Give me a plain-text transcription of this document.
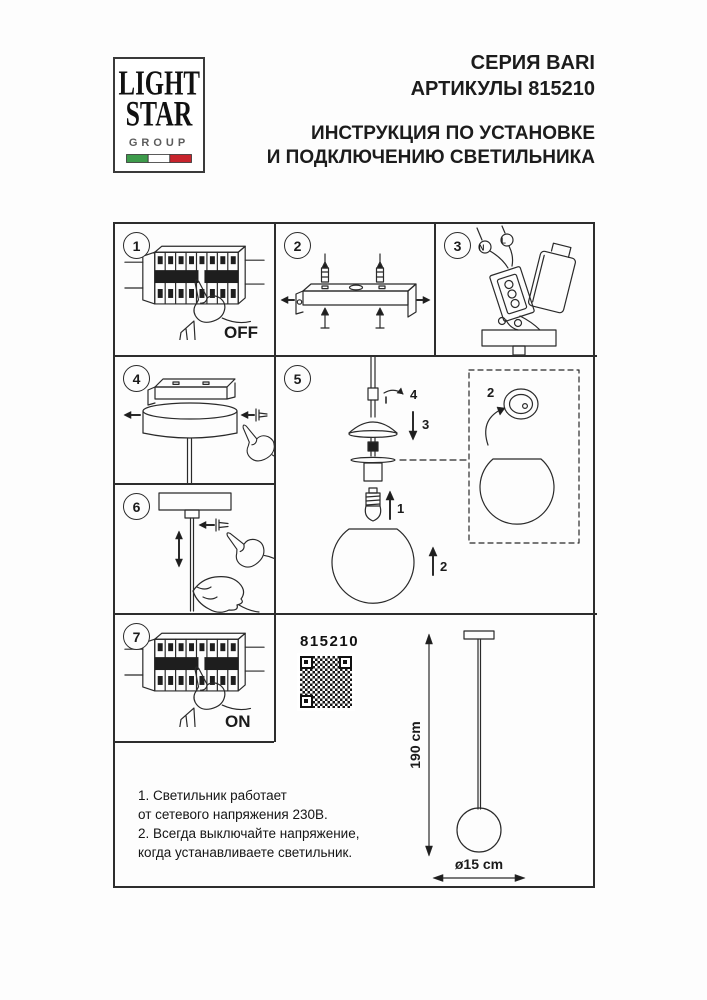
LIGHT
STAR
GROUP
СЕРИЯ BARI
АРТИКУЛЫ 815210
ИНСТРУКЦИЯ ПО УСТАНОВКЕ
И ПОДКЛЮЧЕНИЮ СВЕТИЛЬНИКА
1
OFF
2	3 N
L
4
6
5
4
3
1
2
2
7
ON	190 cm
ø15 cm
815210
1. Светильник работает
от сетевого напряжения 230В.
2. Всегда выключайте напряжение,
когда устанавливаете светильник.
